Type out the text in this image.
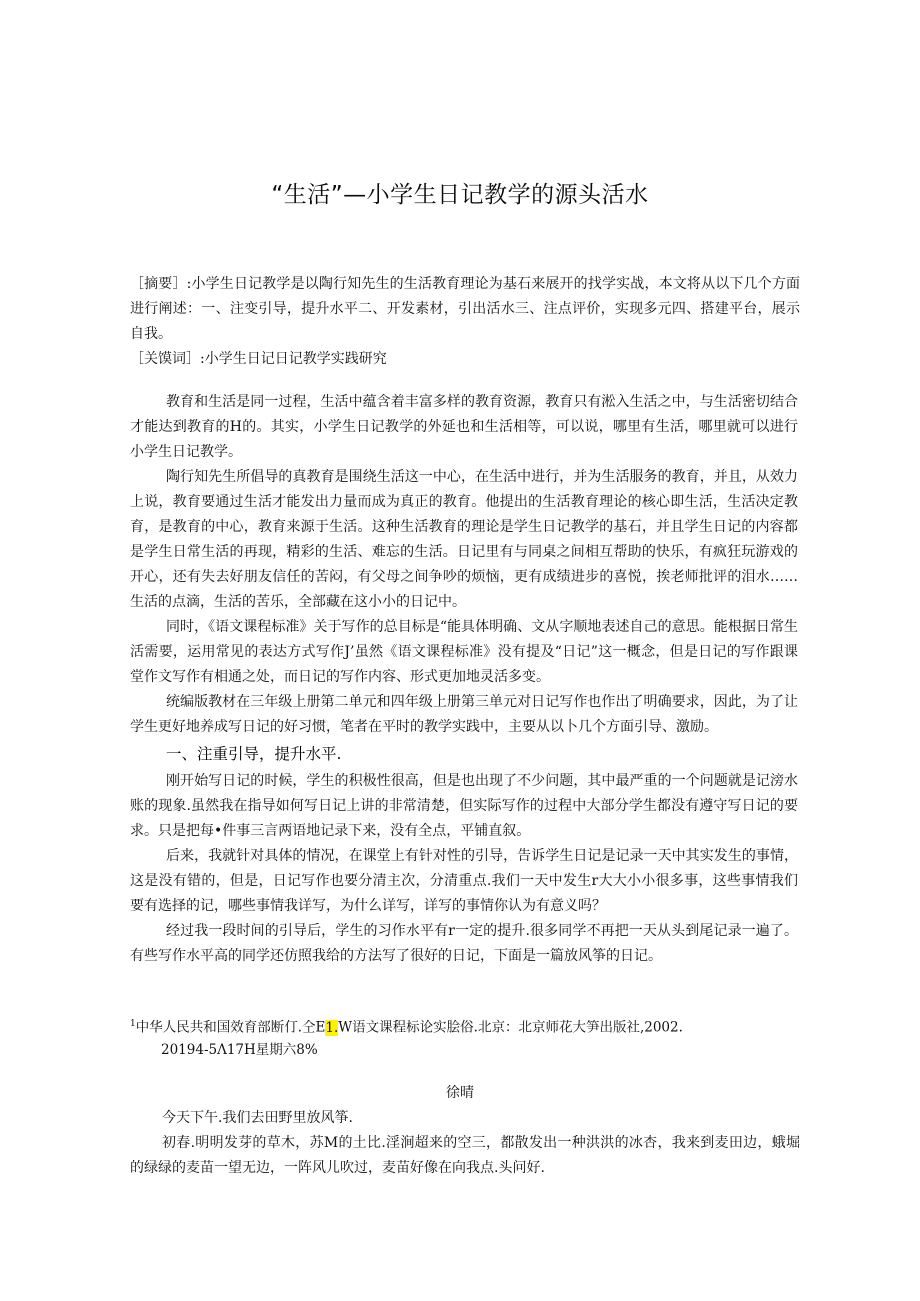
“生活”—小学生日记教学的源头活水

［摘要］:小学生日记教学是以陶行知先生的生活教育理论为基石来展开的找学实战，本文将从以下几个方面进行阐述：一、注变引导，提升水平二、开发素材，引出活水三、注点评价，实现多元四、搭建平台，展示自我。

［关馍词］:小学生日记日记教学实践研究

教育和生活是同一过程，生活中蕴含着丰富多样的教育资源，教育只有淞入生活之中，与生活密切结合才能达到教育的H的。其实，小学生日记教学的外延也和生活相等，可以说，哪里有生活，哪里就可以进行小学生日记教学。

陶行知先生所倡导的真教育是围绕生活这一中心，在生活中进行，并为生活服务的教育，并且，从效力上说，教育要通过生活才能发出力量而成为真正的教育。他提出的生活教育理论的核心即生活，生活决定教育，是教育的中心，教育来源于生活。这种生活教育的理论是学生日记教学的基石，并且学生日记的内容都是学生日常生活的再现，精彩的生活、难忘的生活。日记里有与同桌之间相互帮助的快乐，有疯狂玩游戏的开心，还有失去好朋友信任的苦闷，有父母之间争吵的烦恼，更有成绩进步的喜悦，挨老师批评的泪水……生活的点滴，生活的苦乐，全部藏在这小小的日记中。

同时，《语文课程标准》关于写作的总目标是“能具体明确、文从字顺地表述自己的意思。能根据日常生活需要，运用常见的表达方式写作J’虽然《语文课程标准》没有提及“日记”这一概念，但是日记的写作跟课堂作文写作有相通之处，而日记的写作内容、形式更加地灵活多变。

统编版教材在三年级上册第二单元和四年级上册第三单元对日记写作也作出了明确要求，因此，为了让学生更好地养成写日记的好习惯，笔者在平时的教学实践中，主要从以卜几个方面引导、激励。

一、注重引导，提升水平.

刚开始写日记的时候，学生的积极性很高，但是也出现了不少问题，其中最严重的一个问题就是记滂水账的现象.虽然我在指导如何写日记上讲的非常清楚，但实际写作的过程中大部分学生都没有遵守写日记的要求。只是把每•件事三言两语地记录下来，没有全点，平铺直叙。

后来，我就针对具体的情况，在课堂上有针对性的引导，告诉学生日记是记录一天中其实发生的事情，这是没有错的，但是，日记写作也要分清主次，分清重点.我们一天中发生r大大小小很多事，这些事情我们要有选择的记，哪些事情我详写，为什么详写，详写的事情你认为有意义吗？

经过我一段时间的引导后，学生的习作水平有r一定的提升.很多同学不再把一天从头到尾记录一遍了。有些写作水平高的同学还仿照我给的方法写了很好的日记，下面是一篇放风筝的日记。

$^1$中华人民共和国效育部断仃.仝E1.W语文课程标论实脍俗.北京：北京师花大笋出版社,2002.

20194-5Λ17H星期六8%

徐晴

今天下午.我们去田野里放风筝.

初春.明明发芽的草木，苏M的土比.淫涧超来的空三，都散发出一种洪洪的冰杏，我来到麦田边，蛾堀的绿绿的麦苗一望无边，一阵风儿吹过，麦苗好像在向我点.头问好.
